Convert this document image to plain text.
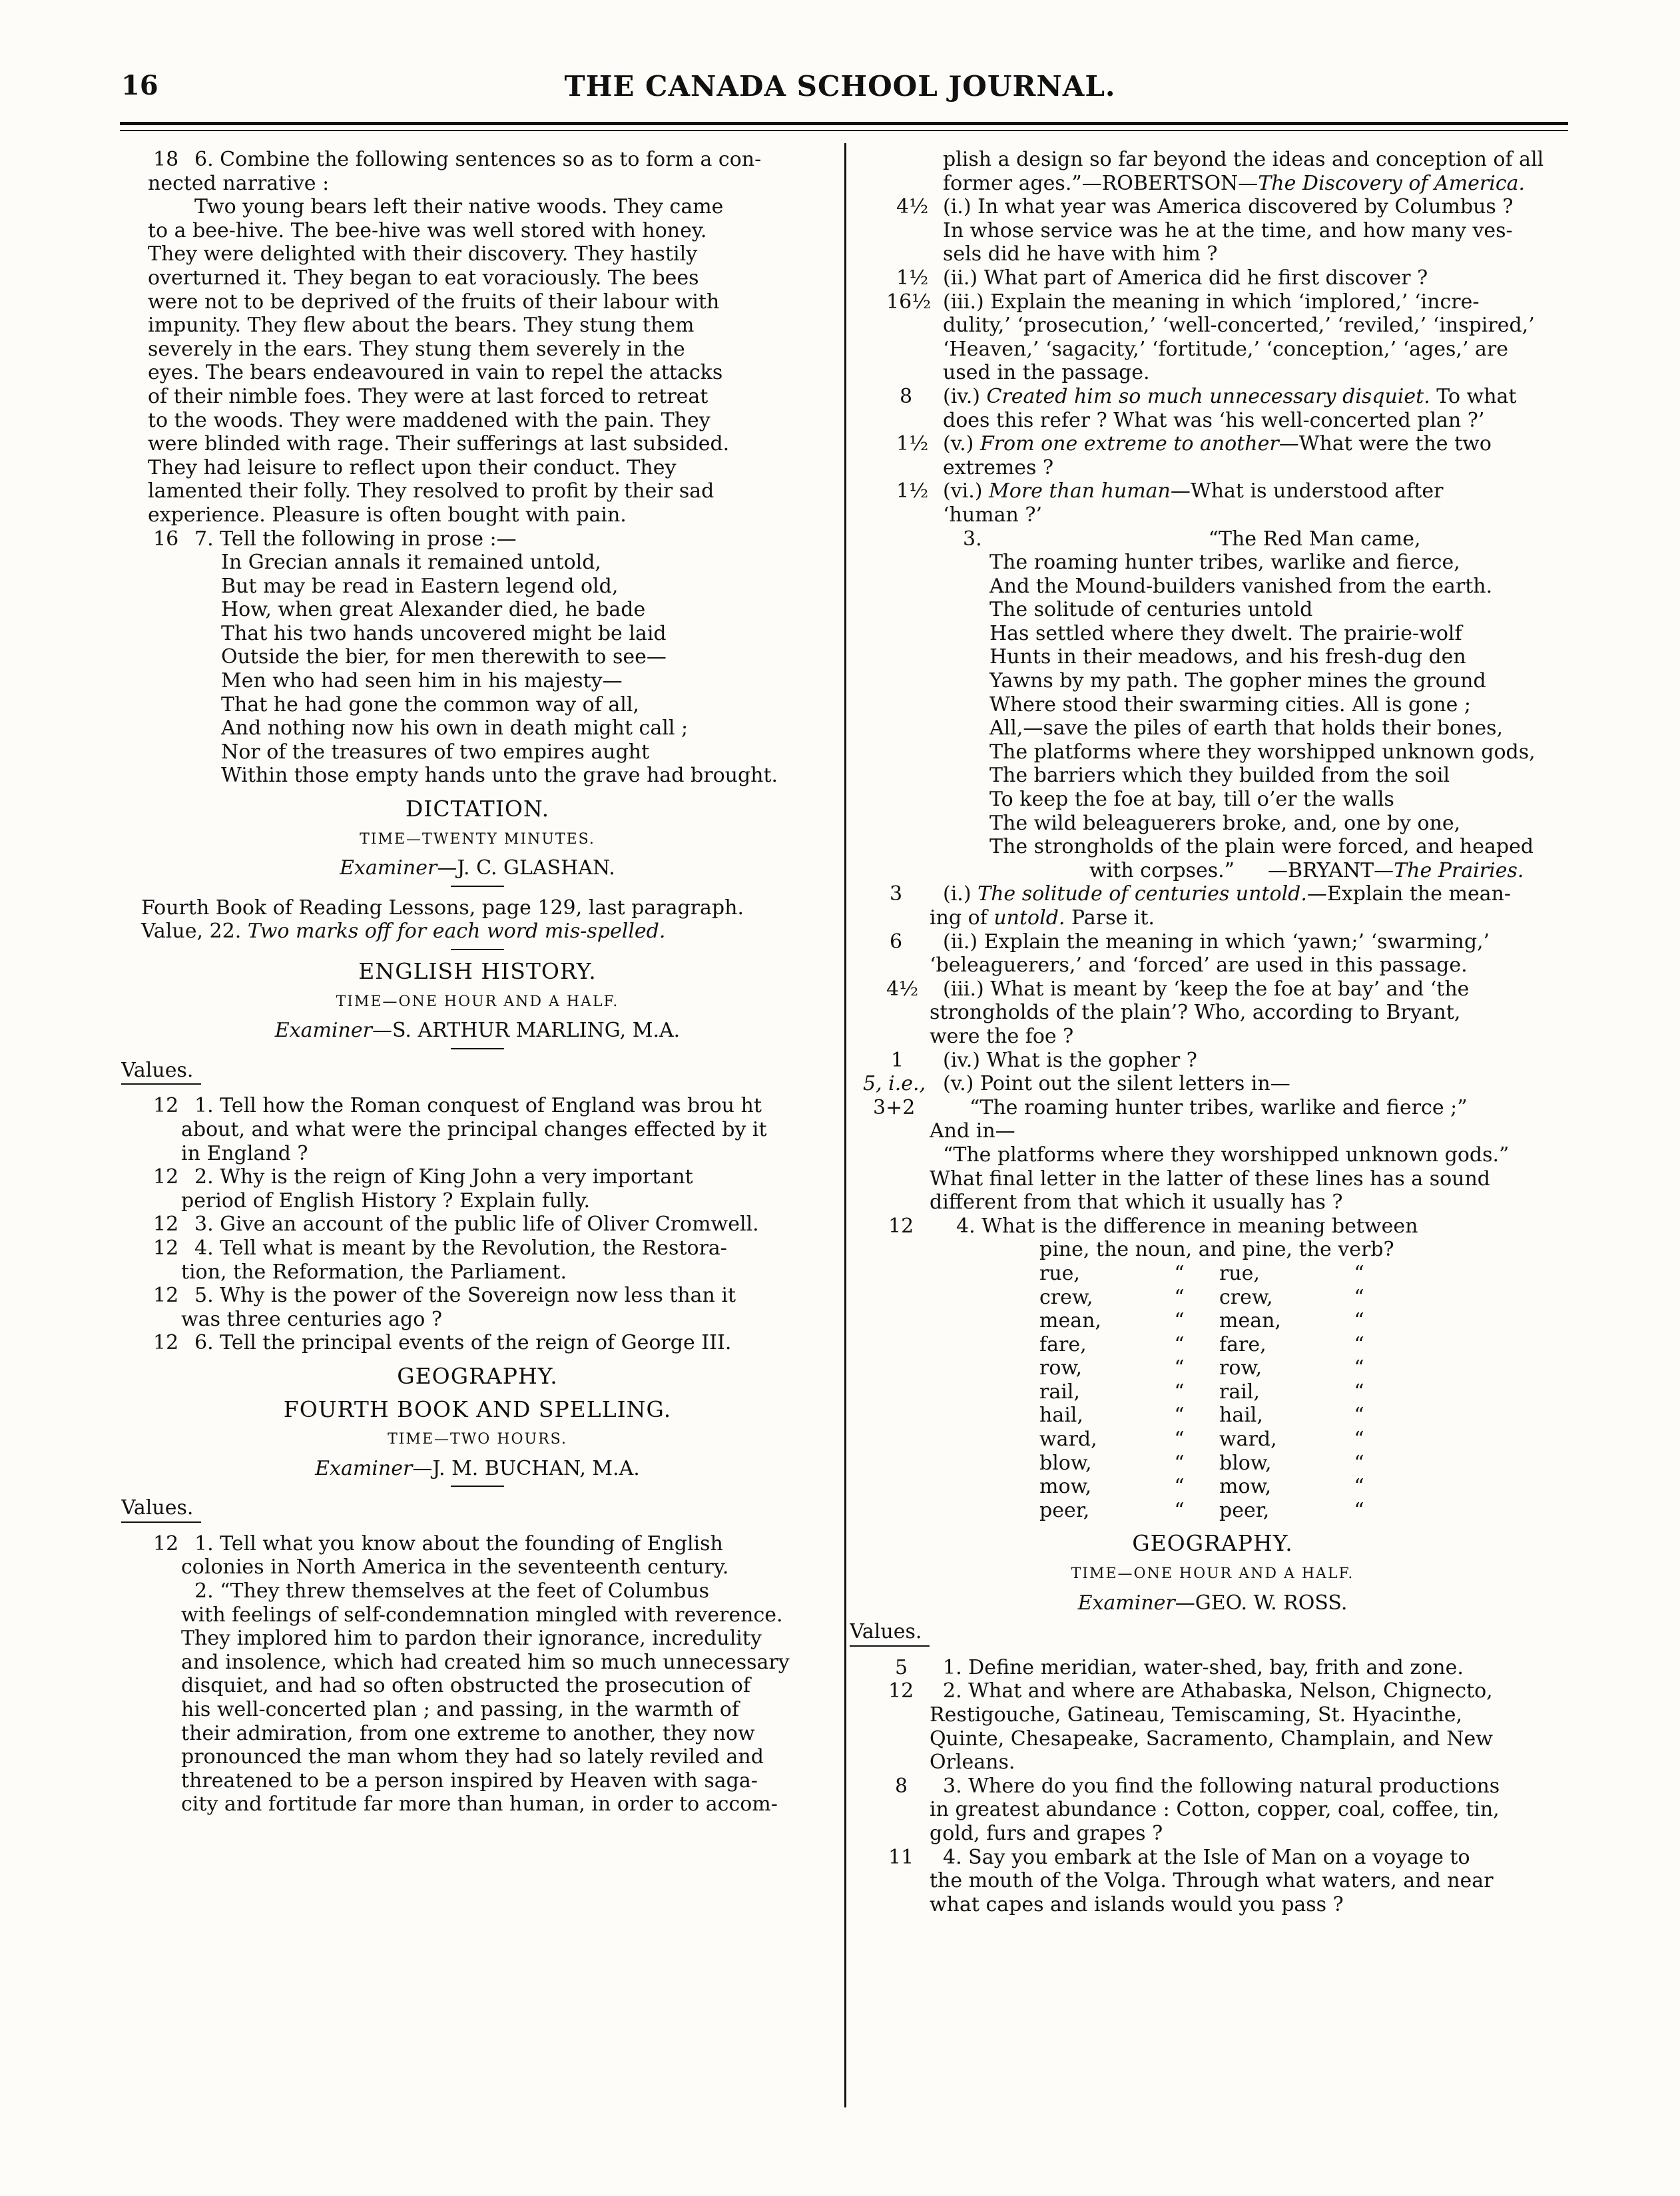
16	THE CANADA SCHOOL JOURNAL.
18 6. Combine the following sentences so as to form a con-
nected narrative :
Two young bears left their native woods. They came
to a bee-hive. The bee-hive was well stored with honey.
They were delighted with their discovery. They hastily
overturned it. They began to eat voraciously. The bees
were not to be deprived of the fruits of their labour with
impunity. They flew about the bears. They stung them
severely in the ears. They stung them severely in the
eyes. The bears endeavoured in vain to repel the attacks
of their nimble foes. They were at last forced to retreat
to the woods. They were maddened with the pain. They
were blinded with rage. Their sufferings at last subsided.
They had leisure to reflect upon their conduct. They
lamented their folly. They resolved to profit by their sad
experience. Pleasure is often bought with pain.
16 7. Tell the following in prose :—
In Grecian annals it remained untold,
But may be read in Eastern legend old,
How, when great Alexander died, he bade
That his two hands uncovered might be laid
Outside the bier, for men therewith to see—
Men who had seen him in his majesty—
That he had gone the common way of all,
And nothing now his own in death might call ;
Nor of the treasures of two empires aught
Within those empty hands unto the grave had brought.
DICTATION.
TIME—TWENTY MINUTES.
Examiner—J. C. GLASHAN.
Fourth Book of Reading Lessons, page 129, last paragraph.
Value, 22. Two marks off for each word mis-spelled.
ENGLISH HISTORY.
TIME—ONE HOUR AND A HALF.
Examiner—S. ARTHUR MARLING, M.A.
Values.
12 1. Tell how the Roman conquest of England was brou ht
about, and what were the principal changes effected by it
in England ?
12 2. Why is the reign of King John a very important
period of English History ? Explain fully.
12 3. Give an account of the public life of Oliver Cromwell.
12 4. Tell what is meant by the Revolution, the Restora-
tion, the Reformation, the Parliament.
12 5. Why is the power of the Sovereign now less than it
was three centuries ago ?
12 6. Tell the principal events of the reign of George III.
GEOGRAPHY.
FOURTH BOOK AND SPELLING.
TIME—TWO HOURS.
Examiner—J. M. BUCHAN, M.A.
Values.
12 1. Tell what you know about the founding of English
colonies in North America in the seventeenth century.
2. “They threw themselves at the feet of Columbus
with feelings of self-condemnation mingled with reverence.
They implored him to pardon their ignorance, incredulity
and insolence, which had created him so much unnecessary
disquiet, and had so often obstructed the prosecution of
his well-concerted plan ; and passing, in the warmth of
their admiration, from one extreme to another, they now
pronounced the man whom they had so lately reviled and
threatened to be a person inspired by Heaven with saga-
city and fortitude far more than human, in order to accom-
plish a design so far beyond the ideas and conception of all
former ages.”—ROBERTSON—The Discovery of America.
4½ (i.) In what year was America discovered by Columbus ?
In whose service was he at the time, and how many ves-
sels did he have with him ?
1½ (ii.) What part of America did he first discover ?
16½ (iii.) Explain the meaning in which ‘implored,’ ‘incre-
dulity,’ ‘prosecution,’ ‘well-concerted,’ ‘reviled,’ ‘inspired,’
‘Heaven,’ ‘sagacity,’ ‘fortitude,’ ‘conception,’ ‘ages,’ are
used in the passage.
8 (iv.) Created him so much unnecessary disquiet. To what
does this refer ? What was ‘his well-concerted plan ?’
1½ (v.) From one extreme to another—What were the two
extremes ?
1½ (vi.) More than human—What is understood after
‘human ?’
3.	“The Red Man came,
The roaming hunter tribes, warlike and fierce,
And the Mound-builders vanished from the earth.
The solitude of centuries untold
Has settled where they dwelt. The prairie-wolf
Hunts in their meadows, and his fresh-dug den
Yawns by my path. The gopher mines the ground
Where stood their swarming cities. All is gone ;
All,—save the piles of earth that holds their bones,
The platforms where they worshipped unknown gods,
The barriers which they builded from the soil
To keep the foe at bay, till o’er the walls
The wild beleaguerers broke, and, one by one,
The strongholds of the plain were forced, and heaped
with corpses.” —BRYANT—The Prairies.
3 (i.) The solitude of centuries untold.—Explain the mean-
ing of untold. Parse it.
6 (ii.) Explain the meaning in which ‘yawn;’ ‘swarming,’
‘beleaguerers,’ and ‘forced’ are used in this passage.
4½ (iii.) What is meant by ‘keep the foe at bay’ and ‘the
strongholds of the plain’? Who, according to Bryant,
were the foe ?
1 (iv.) What is the gopher ?
5, i.e., (v.) Point out the silent letters in—
3+2	“The roaming hunter tribes, warlike and fierce ;”
And in—
“The platforms where they worshipped unknown gods.”
What final letter in the latter of these lines has a sound
different from that which it usually has ?
12 4. What is the difference in meaning between
pine, the noun, and pine, the verb?
rue,	“ rue,	“
crew,	“ crew,	“
mean,	“ mean,	“
fare,	“ fare,	“
row,	“ row,	“
rail,	“ rail,	“
hail,	“ hail,	“
ward,	“ ward,	“
blow,	“ blow,	“
mow,	“ mow,	“
peer,	“ peer,	“
GEOGRAPHY.
TIME—ONE HOUR AND A HALF.
Examiner—GEO. W. ROSS.
Values.
5 1. Define meridian, water-shed, bay, frith and zone.
12 2. What and where are Athabaska, Nelson, Chignecto,
Restigouche, Gatineau, Temiscaming, St. Hyacinthe,
Quinte, Chesapeake, Sacramento, Champlain, and New
Orleans.
8 3. Where do you find the following natural productions
in greatest abundance : Cotton, copper, coal, coffee, tin,
gold, furs and grapes ?
11 4. Say you embark at the Isle of Man on a voyage to
the mouth of the Volga. Through what waters, and near
what capes and islands would you pass ?
